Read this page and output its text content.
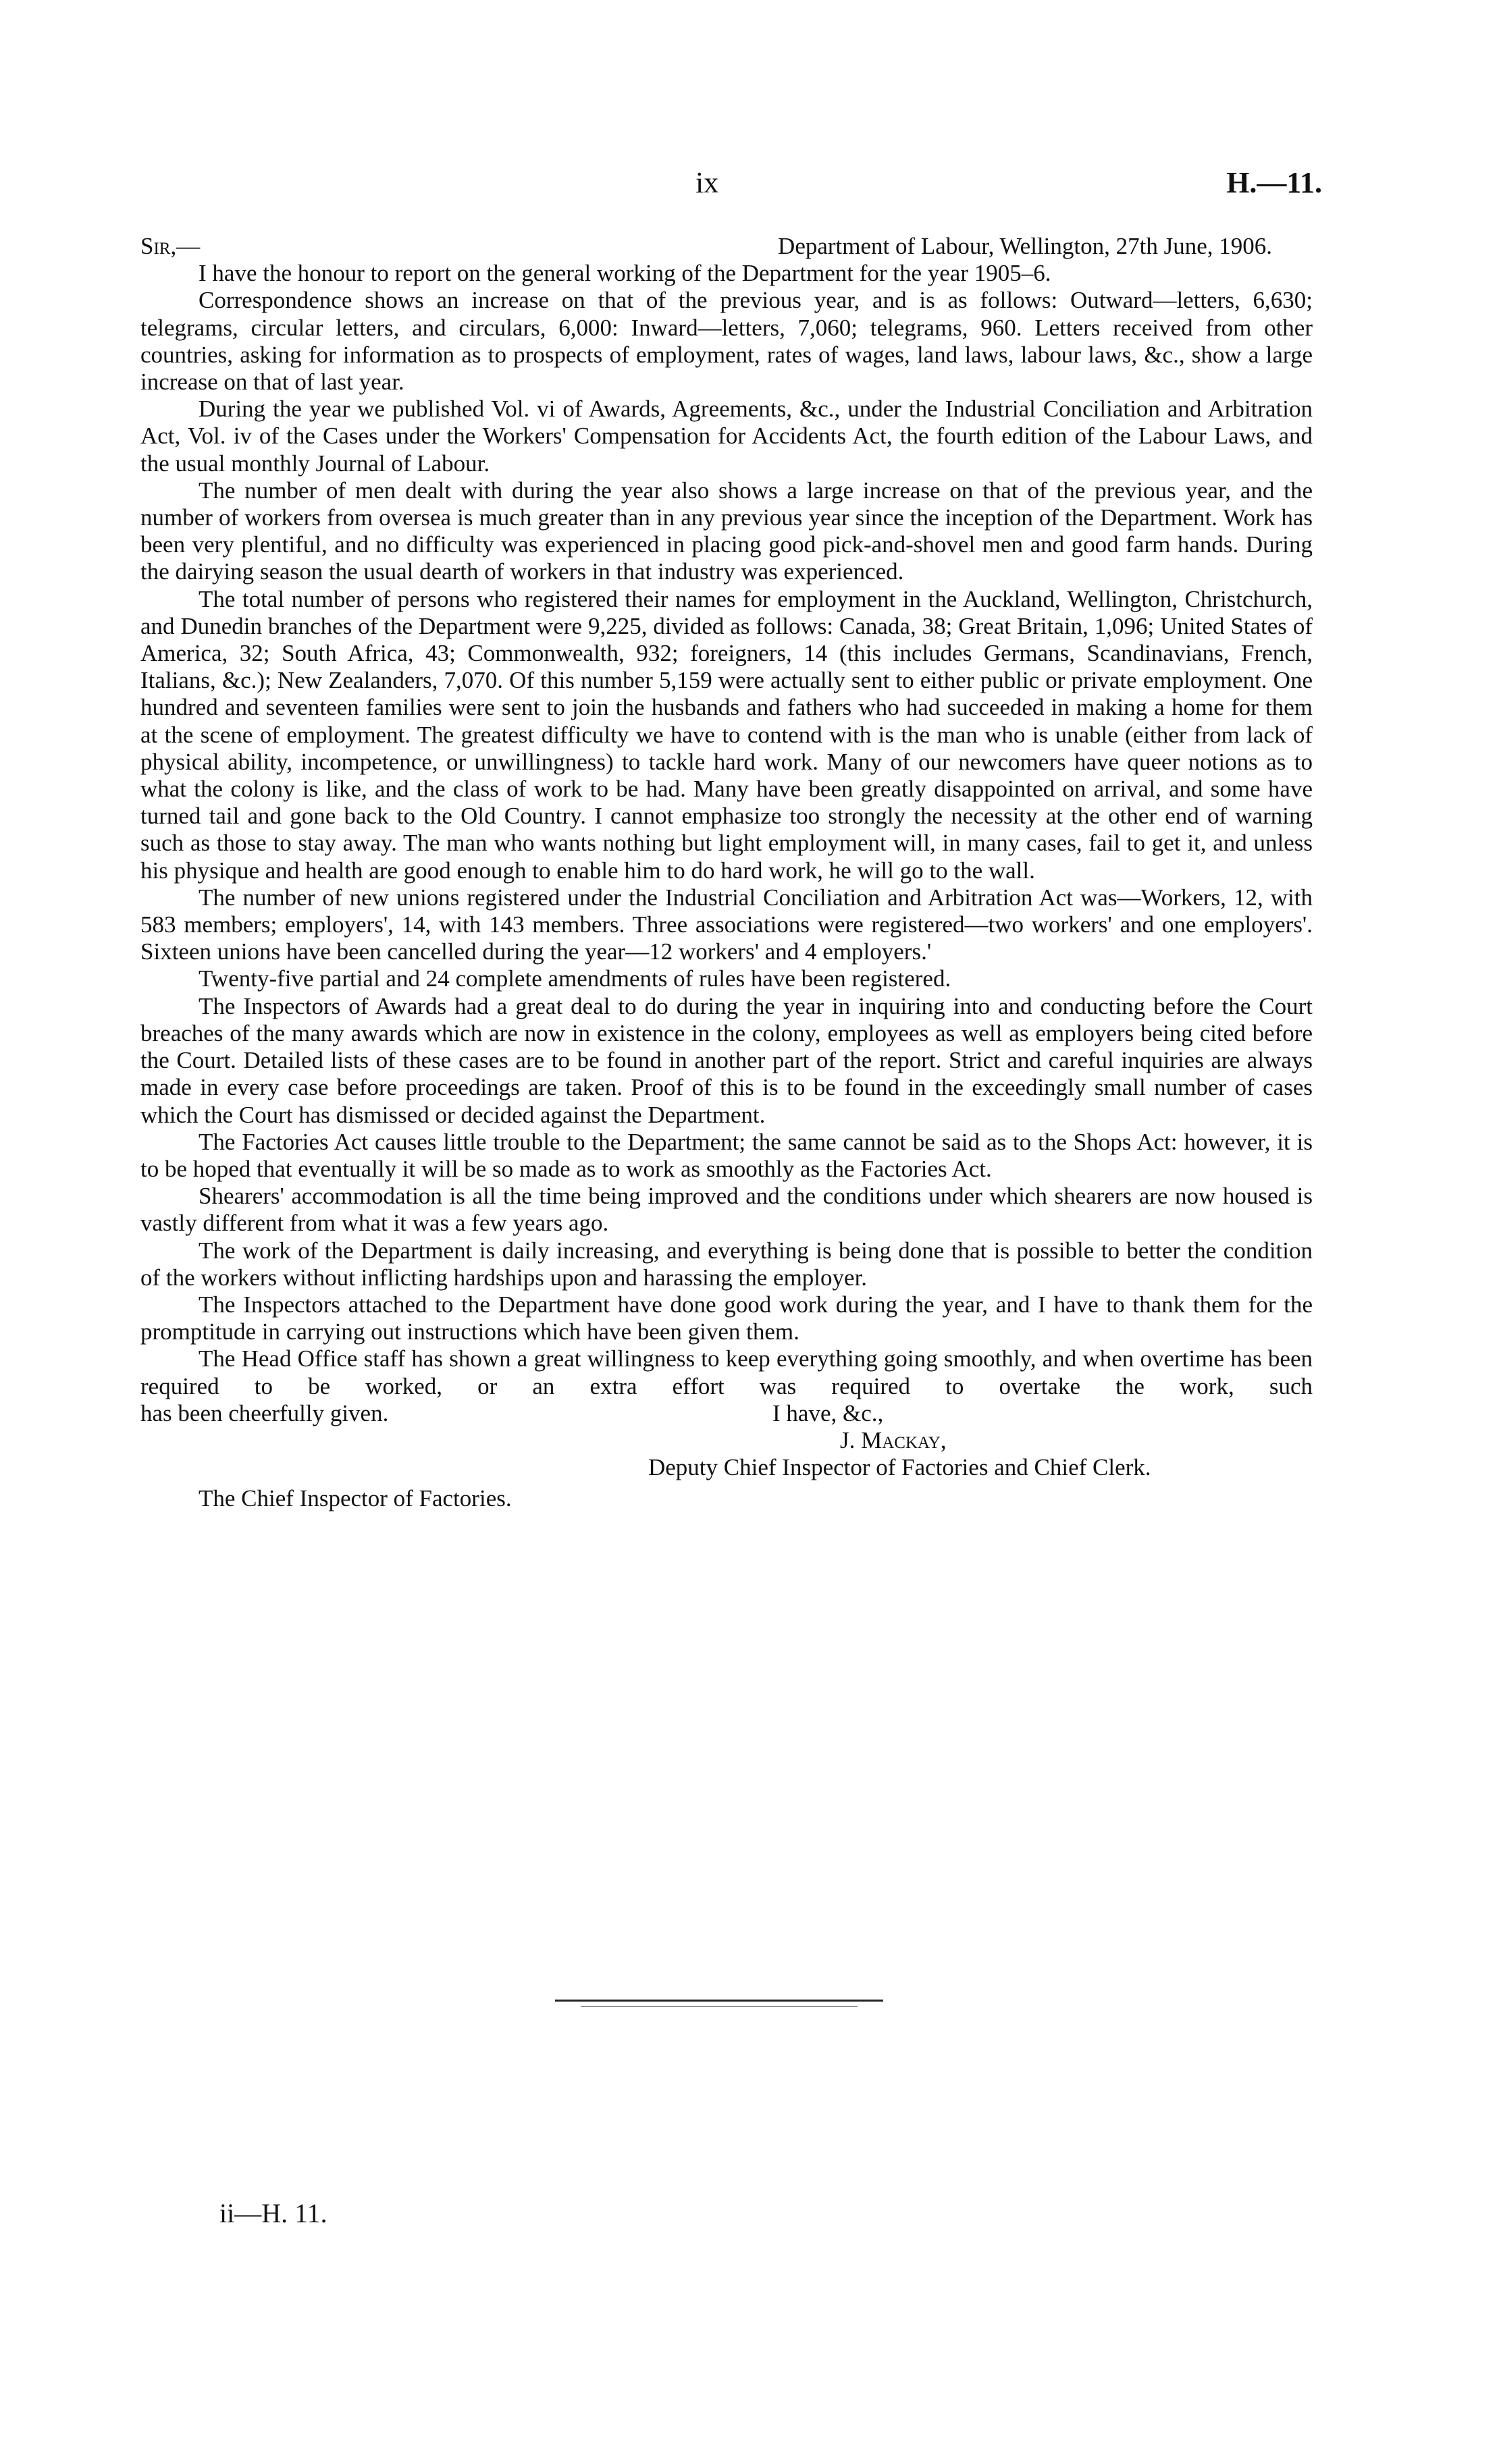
ix	H.—11.
Sir,—	Department of Labour, Wellington, 27th June, 1906.

I have the honour to report on the general working of the Department for the year 1905–6.

Correspondence shows an increase on that of the previous year, and is as follows: Outward—letters, 6,630; telegrams, circular letters, and circulars, 6,000: Inward—letters, 7,060; telegrams, 960. Letters received from other countries, asking for information as to prospects of employment, rates of wages, land laws, labour laws, &c., show a large increase on that of last year.

During the year we published Vol. vi of Awards, Agreements, &c., under the Industrial Conciliation and Arbitration Act, Vol. iv of the Cases under the Workers' Compensation for Accidents Act, the fourth edition of the Labour Laws, and the usual monthly Journal of Labour.

The number of men dealt with during the year also shows a large increase on that of the previous year, and the number of workers from oversea is much greater than in any previous year since the inception of the Department. Work has been very plentiful, and no difficulty was experienced in placing good pick-and-shovel men and good farm hands. During the dairying season the usual dearth of workers in that industry was experienced.

The total number of persons who registered their names for employment in the Auckland, Wellington, Christchurch, and Dunedin branches of the Department were 9,225, divided as follows: Canada, 38; Great Britain, 1,096; United States of America, 32; South Africa, 43; Commonwealth, 932; foreigners, 14 (this includes Germans, Scandinavians, French, Italians, &c.); New Zealanders, 7,070. Of this number 5,159 were actually sent to either public or private employment. One hundred and seventeen families were sent to join the husbands and fathers who had succeeded in making a home for them at the scene of employment. The greatest difficulty we have to contend with is the man who is unable (either from lack of physical ability, incompetence, or unwillingness) to tackle hard work. Many of our newcomers have queer notions as to what the colony is like, and the class of work to be had. Many have been greatly disappointed on arrival, and some have turned tail and gone back to the Old Country. I cannot emphasize too strongly the necessity at the other end of warning such as those to stay away. The man who wants nothing but light employment will, in many cases, fail to get it, and unless his physique and health are good enough to enable him to do hard work, he will go to the wall.

The number of new unions registered under the Industrial Conciliation and Arbitration Act was—Workers, 12, with 583 members; employers', 14, with 143 members. Three associations were registered—two workers' and one employers'. Sixteen unions have been cancelled during the year—12 workers' and 4 employers.'

Twenty-five partial and 24 complete amendments of rules have been registered.

The Inspectors of Awards had a great deal to do during the year in inquiring into and conducting before the Court breaches of the many awards which are now in existence in the colony, employees as well as employers being cited before the Court. Detailed lists of these cases are to be found in another part of the report. Strict and careful inquiries are always made in every case before proceedings are taken. Proof of this is to be found in the exceedingly small number of cases which the Court has dismissed or decided against the Department.

The Factories Act causes little trouble to the Department; the same cannot be said as to the Shops Act: however, it is to be hoped that eventually it will be so made as to work as smoothly as the Factories Act.

Shearers' accommodation is all the time being improved and the conditions under which shearers are now housed is vastly different from what it was a few years ago.

The work of the Department is daily increasing, and everything is being done that is possible to better the condition of the workers without inflicting hardships upon and harassing the employer.

The Inspectors attached to the Department have done good work during the year, and I have to thank them for the promptitude in carrying out instructions which have been given them.

The Head Office staff has shown a great willingness to keep everything going smoothly, and when overtime has been required to be worked, or an extra effort was required to overtake the work, such

has been cheerfully given.	I have, &c.,
J. Mackay,
Deputy Chief Inspector of Factories and Chief Clerk.
The Chief Inspector of Factories.
ii—H. 11.
